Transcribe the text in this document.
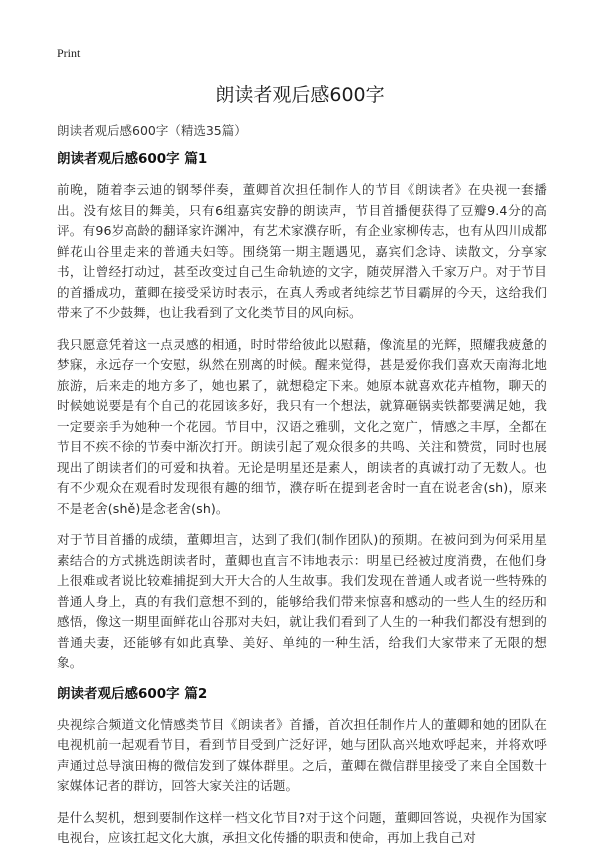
Print
朗读者观后感600字
朗读者观后感600字（精选35篇）
朗读者观后感600字 篇1

前晚，随着李云迪的钢琴伴奏，董卿首次担任制作人的节目《朗读者》在央视一套播出。没有炫目的舞美，只有6组嘉宾安静的朗读声，节目首播便获得了豆瓣9.4分的高评。有96岁高龄的翻译家许渊冲，有艺术家濮存昕，有企业家柳传志，也有从四川成都鲜花山谷里走来的普通夫妇等。围绕第一期主题遇见，嘉宾们念诗、读散文，分享家书，让曾经打动过，甚至改变过自己生命轨迹的文字，随荧屏潜入千家万户。对于节目的首播成功，董卿在接受采访时表示，在真人秀或者纯综艺节目霸屏的今天，这给我们带来了不少鼓舞，也让我看到了文化类节目的风向标。

我只愿意凭着这一点灵感的相通，时时带给彼此以慰藉，像流星的光辉，照耀我疲惫的梦寐，永远存一个安慰，纵然在别离的时候。醒来觉得，甚是爱你我们喜欢天南海北地旅游，后来走的地方多了，她也累了，就想稳定下来。她原本就喜欢花卉植物，聊天的时候她说要是有个自己的花园该多好，我只有一个想法，就算砸锅卖铁都要满足她，我一定要亲手为她种一个花园。节目中，汉语之雅驯，文化之宽广，情感之丰厚，全都在节目不疾不徐的节奏中渐次打开。朗读引起了观众很多的共鸣、关注和赞赏，同时也展现出了朗读者们的可爱和执着。无论是明星还是素人，朗读者的真诚打动了无数人。也有不少观众在观看时发现很有趣的细节，濮存昕在提到老舍时一直在说老舍(sh)，原来不是老舍(shě)是念老舍(sh)。

对于节目首播的成绩，董卿坦言，达到了我们(制作团队)的预期。在被问到为何采用星素结合的方式挑选朗读者时，董卿也直言不讳地表示：明星已经被过度消费，在他们身上很难或者说比较难捕捉到大开大合的人生故事。我们发现在普通人或者说一些特殊的普通人身上，真的有我们意想不到的，能够给我们带来惊喜和感动的一些人生的经历和感悟，像这一期里面鲜花山谷那对夫妇，就让我们看到了人生的一种我们都没有想到的普通夫妻，还能够有如此真挚、美好、单纯的一种生活，给我们大家带来了无限的想象。

朗读者观后感600字 篇2

央视综合频道文化情感类节目《朗读者》首播，首次担任制作片人的董卿和她的团队在电视机前一起观看节目，看到节目受到广泛好评，她与团队高兴地欢呼起来，并将欢呼声通过总导演田梅的微信发到了媒体群里。之后，董卿在微信群里接受了来自全国数十家媒体记者的群访，回答大家关注的话题。

是什么契机，想到要制作这样一档文化节目?对于这个问题，董卿回答说，央视作为国家电视台，应该扛起文化大旗，承担文化传播的职责和使命，再加上我自己对
